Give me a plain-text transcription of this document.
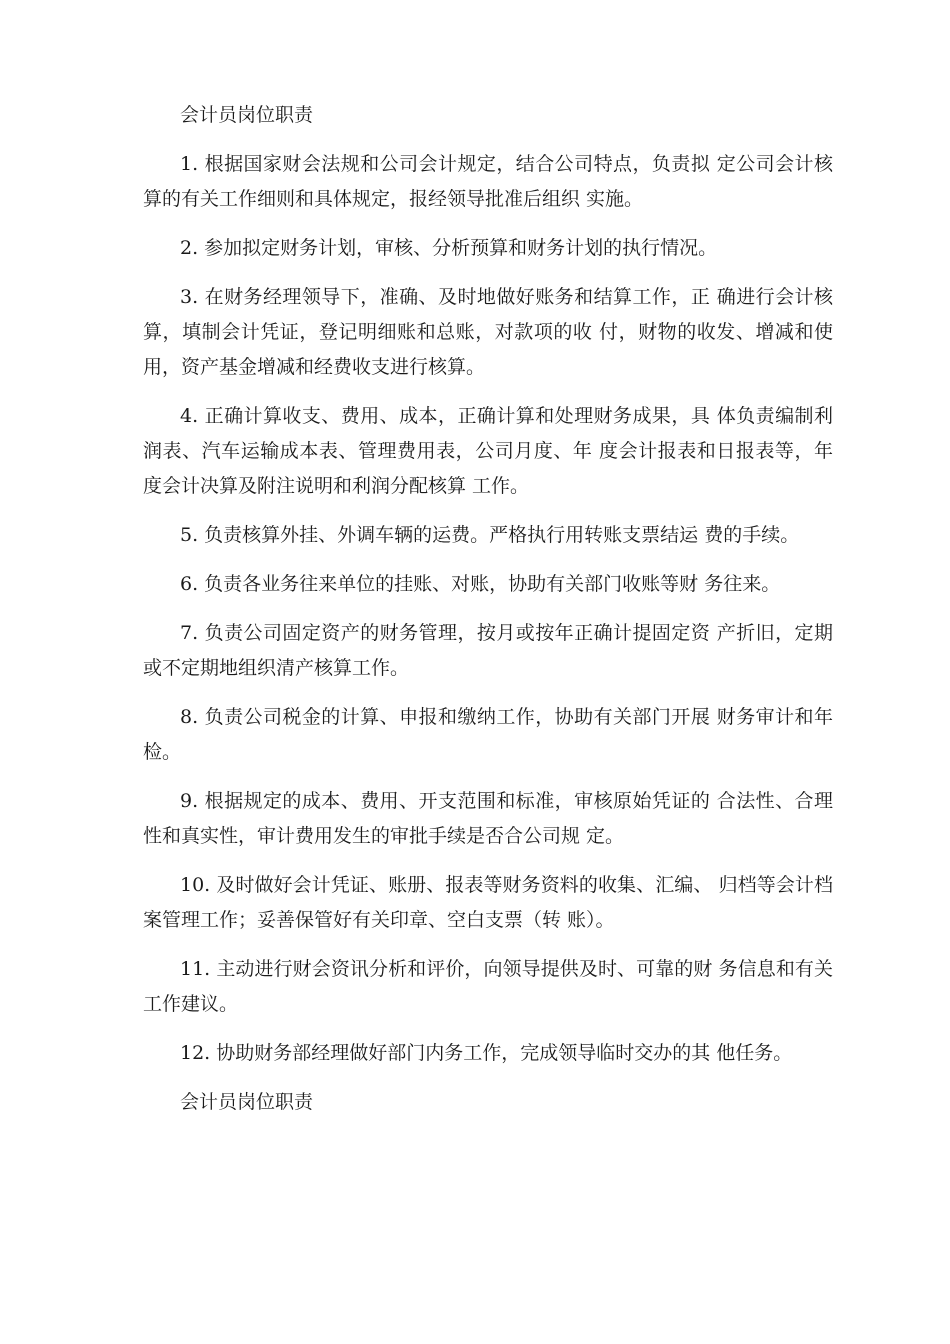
会计员岗位职责

1. 根据国家财会法规和公司会计规定，结合公司特点，负责拟 定公司会计核算的有关工作细则和具体规定，报经领导批准后组织 实施。

2. 参加拟定财务计划，审核、分析预算和财务计划的执行情况。

3. 在财务经理领导下，准确、及时地做好账务和结算工作，正 确进行会计核算，填制会计凭证，登记明细账和总账，对款项的收 付，财物的收发、增减和使用，资产基金增减和经费收支进行核算。

4. 正确计算收支、费用、成本，正确计算和处理财务成果，具 体负责编制利润表、汽车运输成本表、管理费用表，公司月度、年 度会计报表和日报表等，年度会计决算及附注说明和利润分配核算 工作。

5. 负责核算外挂、外调车辆的运费。严格执行用转账支票结运 费的手续。

6. 负责各业务往来单位的挂账、对账，协助有关部门收账等财 务往来。

7. 负责公司固定资产的财务管理，按月或按年正确计提固定资 产折旧，定期或不定期地组织清产核算工作。

8. 负责公司税金的计算、申报和缴纳工作，协助有关部门开展 财务审计和年检。

9. 根据规定的成本、费用、开支范围和标准，审核原始凭证的 合法性、合理性和真实性，审计费用发生的审批手续是否合公司规 定。

10. 及时做好会计凭证、账册、报表等财务资料的收集、汇编、 归档等会计档案管理工作；妥善保管好有关印章、空白支票（转 账）。

11. 主动进行财会资讯分析和评价，向领导提供及时、可靠的财 务信息和有关工作建议。

12. 协助财务部经理做好部门内务工作，完成领导临时交办的其 他任务。

会计员岗位职责
